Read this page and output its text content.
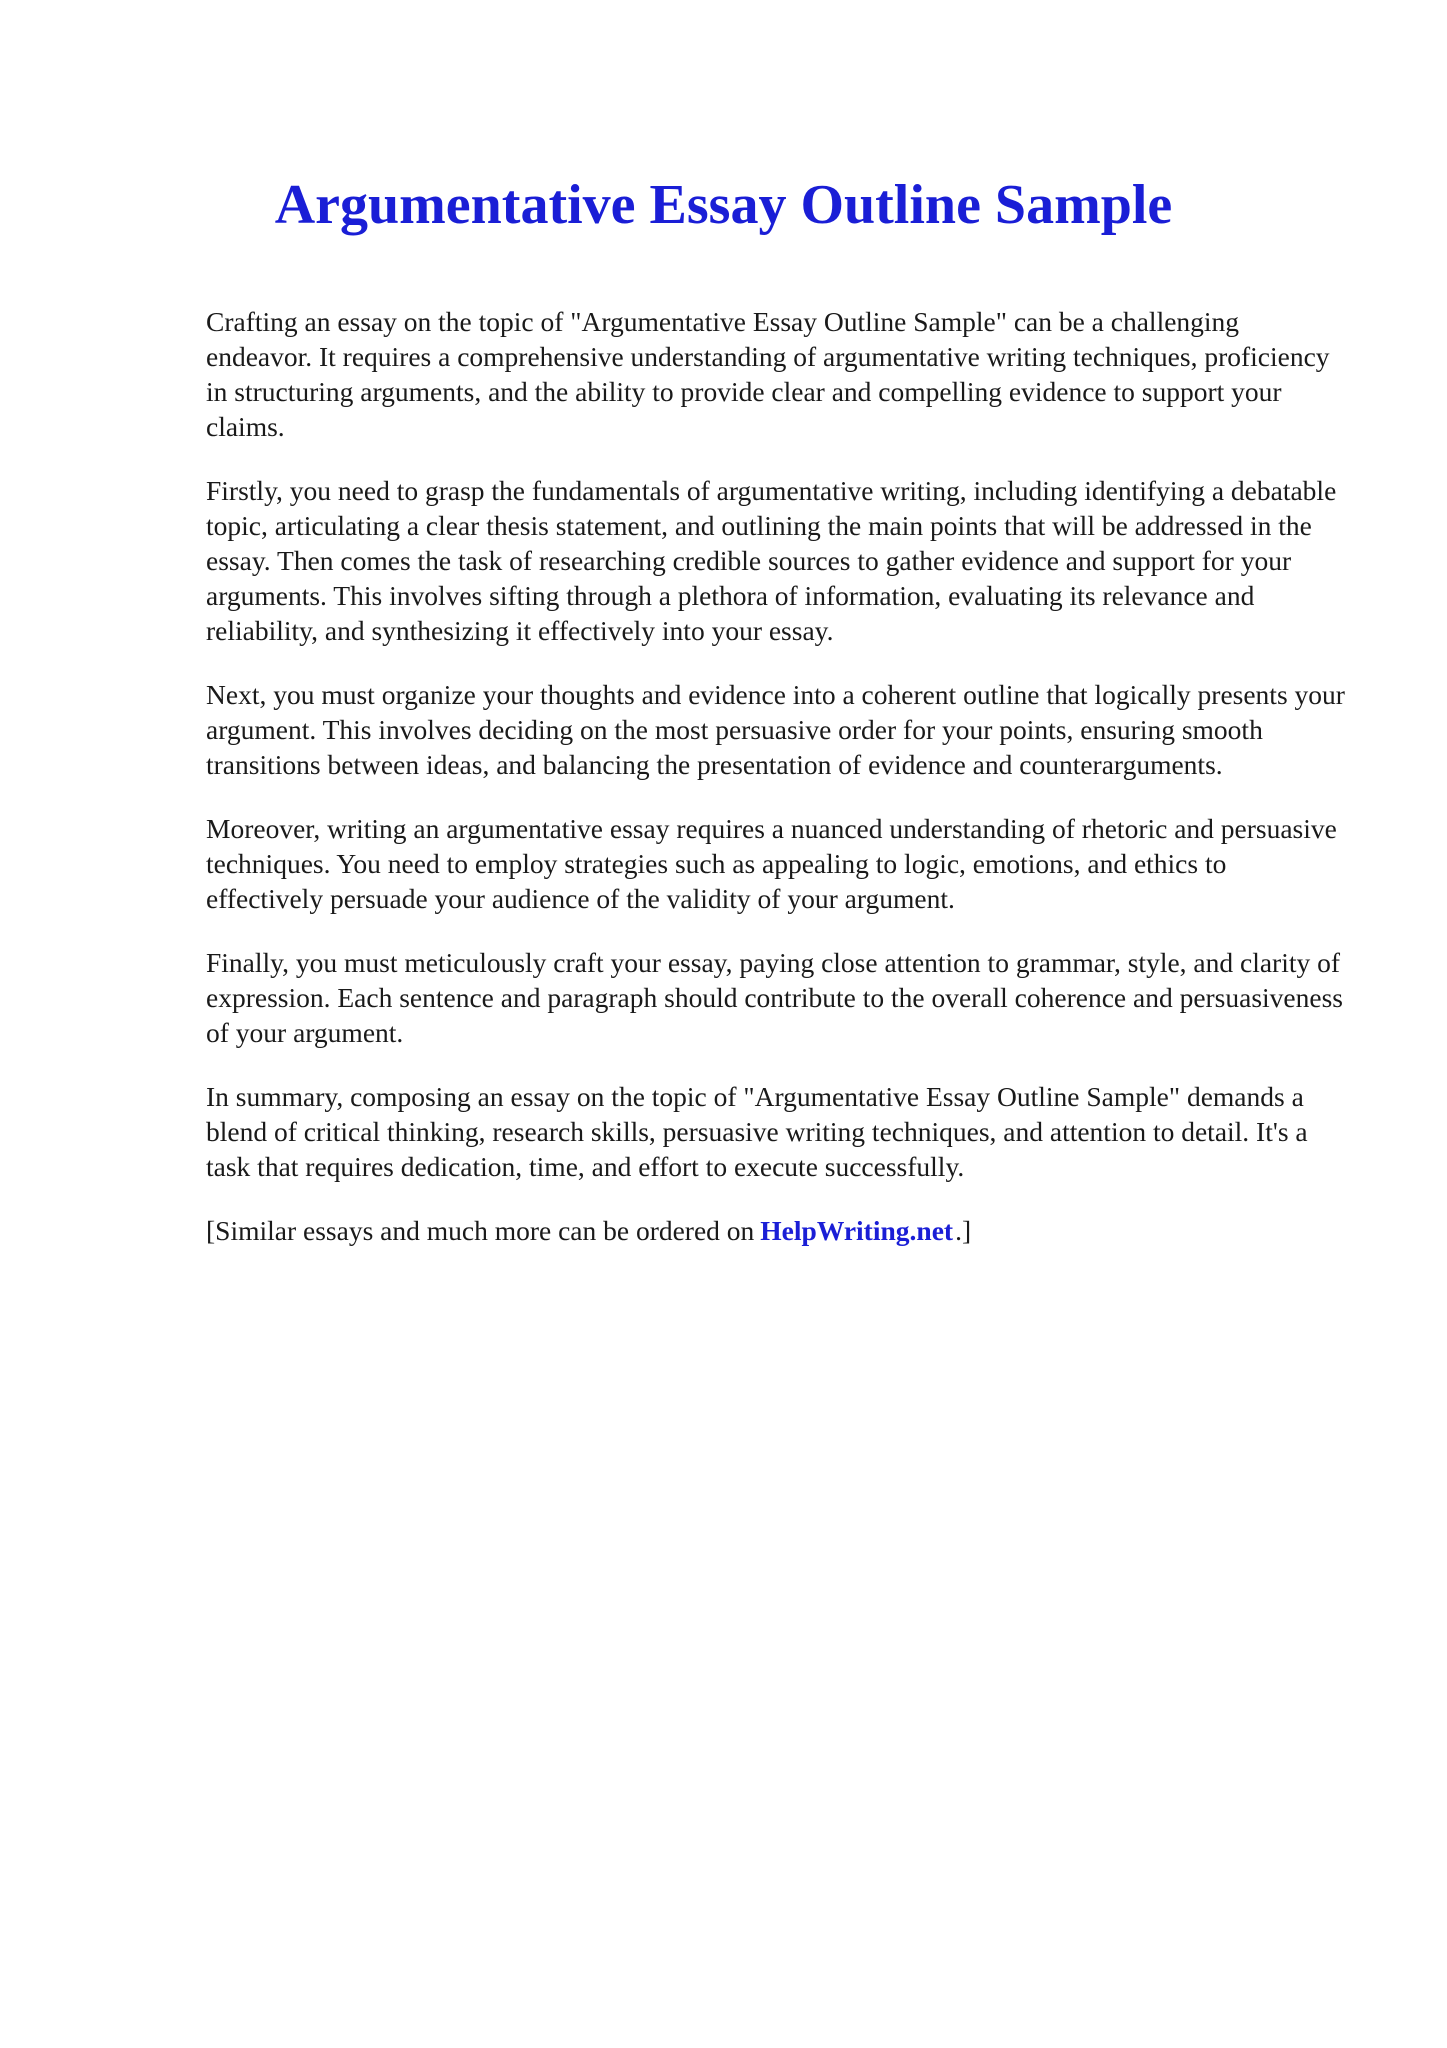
Argumentative Essay Outline Sample

Crafting an essay on the topic of "Argumentative Essay Outline Sample" can be a challenging endeavor. It requires a comprehensive understanding of argumentative writing techniques, proficiency in structuring arguments, and the ability to provide clear and compelling evidence to support your claims.

Firstly, you need to grasp the fundamentals of argumentative writing, including identifying a debatable topic, articulating a clear thesis statement, and outlining the main points that will be addressed in the essay. Then comes the task of researching credible sources to gather evidence and support for your arguments. This involves sifting through a plethora of information, evaluating its relevance and reliability, and synthesizing it effectively into your essay.

Next, you must organize your thoughts and evidence into a coherent outline that logically presents your argument. This involves deciding on the most persuasive order for your points, ensuring smooth transitions between ideas, and balancing the presentation of evidence and counterarguments.

Moreover, writing an argumentative essay requires a nuanced understanding of rhetoric and persuasive techniques. You need to employ strategies such as appealing to logic, emotions, and ethics to effectively persuade your audience of the validity of your argument.

Finally, you must meticulously craft your essay, paying close attention to grammar, style, and clarity of expression. Each sentence and paragraph should contribute to the overall coherence and persuasiveness of your argument.

In summary, composing an essay on the topic of "Argumentative Essay Outline Sample" demands a blend of critical thinking, research skills, persuasive writing techniques, and attention to detail. It's a task that requires dedication, time, and effort to execute successfully.

[Similar essays and much more can be ordered on HelpWriting.net.]
